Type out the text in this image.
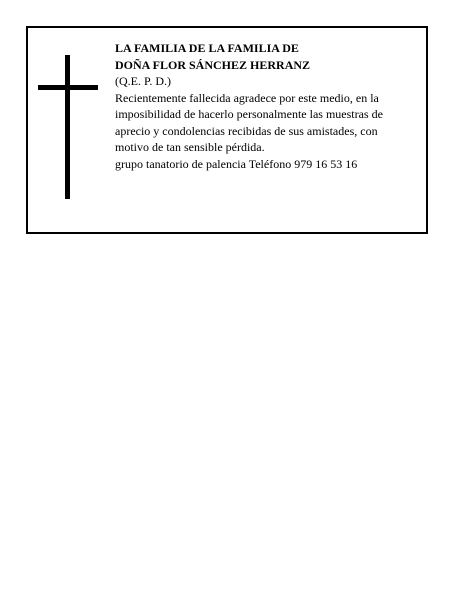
LA FAMILIA DE LA FAMILIA DE
DOÑA FLOR SÁNCHEZ HERRANZ
(Q.E. P. D.)
Recientemente fallecida agradece por este medio, en la
imposibilidad de hacerlo personalmente las muestras de
aprecio y condolencias recibidas de sus amistades, con
motivo de tan sensible pérdida.
grupo tanatorio de palencia Teléfono 979 16 53 16
